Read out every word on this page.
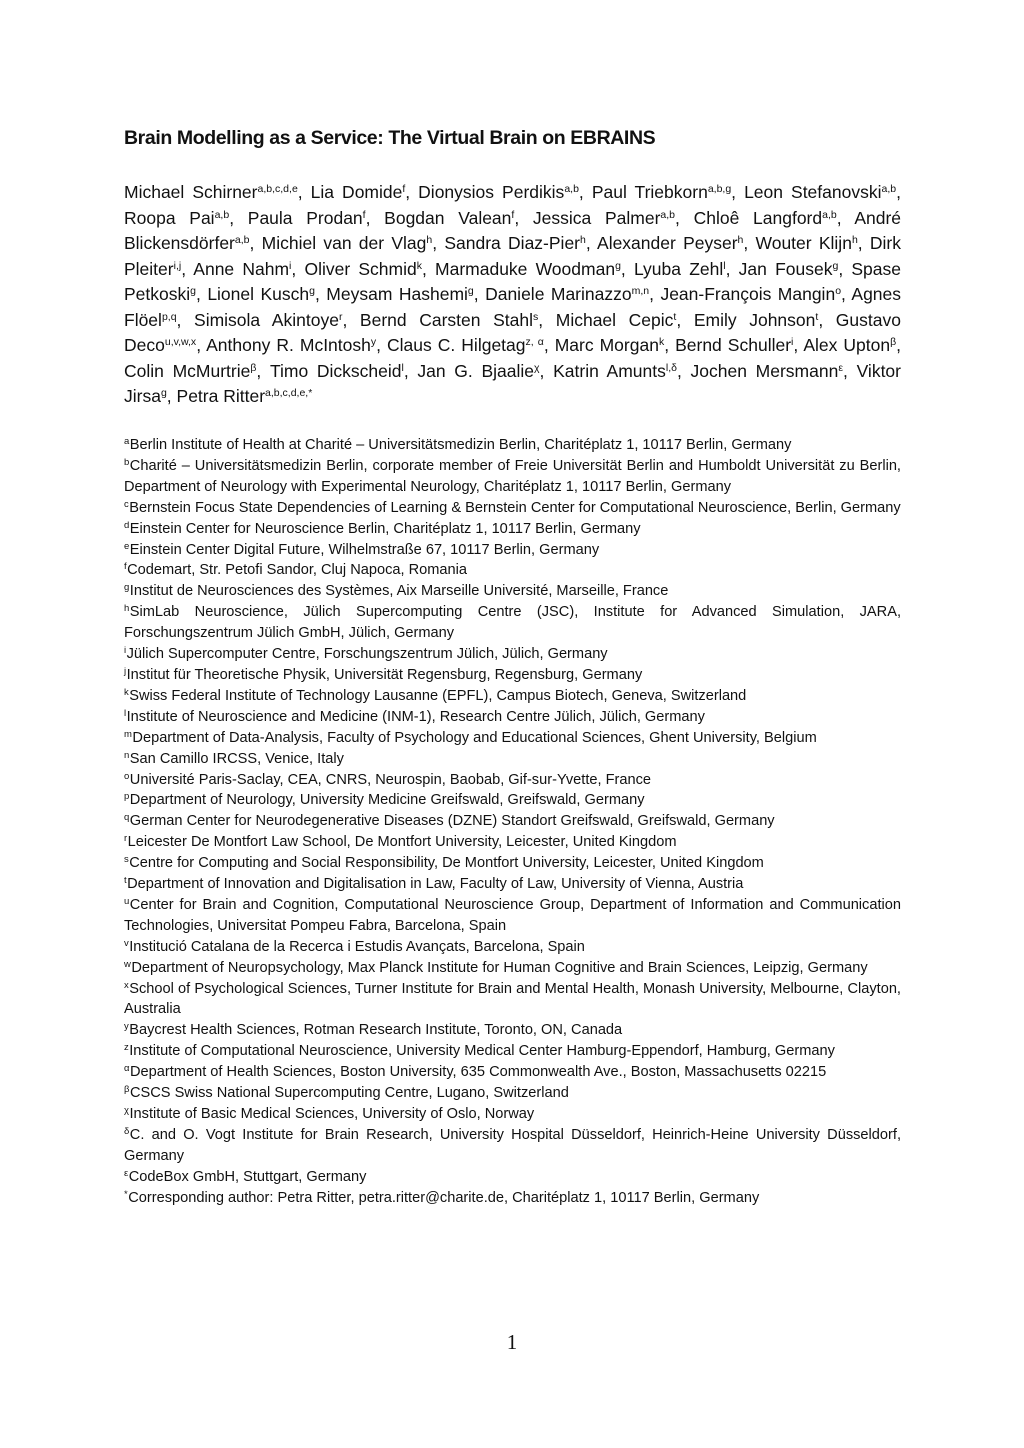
Brain Modelling as a Service: The Virtual Brain on EBRAINS

Michael Schirner$^{a,b,c,d,e}$, Lia Domide$^f$, Dionysios Perdikis$^{a,b}$, Paul Triebkorn$^{a,b,g}$, Leon Stefanovski$^{a,b}$, Roopa Pai$^{a,b}$, Paula Prodan$^f$, Bogdan Valean$^f$, Jessica Palmer$^{a,b}$, Chloê Langford$^{a,b}$, André Blickensdörfer$^{a,b}$, Michiel van der Vlag$^h$, Sandra Diaz-Pier$^h$, Alexander Peyser$^h$, Wouter Klijn$^h$, Dirk Pleiter$^{i,j}$, Anne Nahm$^i$, Oliver Schmid$^k$, Marmaduke Woodman$^g$, Lyuba Zehl$^l$, Jan Fousek$^g$, Spase Petkoski$^g$, Lionel Kusch$^g$, Meysam Hashemi$^g$, Daniele Marinazzo$^{m,n}$, Jean-François Mangin$^o$, Agnes Flöel$^{p,q}$, Simisola Akintoye$^r$, Bernd Carsten Stahl$^s$, Michael Cepic$^t$, Emily Johnson$^t$, Gustavo Deco$^{u,v,w,x}$, Anthony R. McIntosh$^y$, Claus C. Hilgetag$^{z, \alpha}$, Marc Morgan$^k$, Bernd Schuller$^i$, Alex Upton$^\beta$, Colin McMurtrie$^\beta$, Timo Dickscheid$^l$, Jan G. Bjaalie$^\chi$, Katrin Amunts$^{l,\delta}$, Jochen Mersmann$^\varepsilon$, Viktor Jirsa$^g$, Petra Ritter$^{a,b,c,d,e,*}$

$^a$Berlin Institute of Health at Charité – Universitätsmedizin Berlin, Charitéplatz 1, 10117 Berlin, Germany

$^b$Charité – Universitätsmedizin Berlin, corporate member of Freie Universität Berlin and Humboldt Universität zu Berlin, Department of Neurology with Experimental Neurology, Charitéplatz 1, 10117 Berlin, Germany

$^c$Bernstein Focus State Dependencies of Learning & Bernstein Center for Computational Neuroscience, Berlin, Germany

$^d$Einstein Center for Neuroscience Berlin, Charitéplatz 1, 10117 Berlin, Germany

$^e$Einstein Center Digital Future, Wilhelmstraße 67, 10117 Berlin, Germany

$^f$Codemart, Str. Petofi Sandor, Cluj Napoca, Romania

$^g$Institut de Neurosciences des Systèmes, Aix Marseille Université, Marseille, France

$^h$SimLab Neuroscience, Jülich Supercomputing Centre (JSC), Institute for Advanced Simulation, JARA, Forschungszentrum Jülich GmbH, Jülich, Germany

$^i$Jülich Supercomputer Centre, Forschungszentrum Jülich, Jülich, Germany

$^j$Institut für Theoretische Physik, Universität Regensburg, Regensburg, Germany

$^k$Swiss Federal Institute of Technology Lausanne (EPFL), Campus Biotech, Geneva, Switzerland

$^l$Institute of Neuroscience and Medicine (INM-1), Research Centre Jülich, Jülich, Germany

$^m$Department of Data-Analysis, Faculty of Psychology and Educational Sciences, Ghent University, Belgium

$^n$San Camillo IRCSS, Venice, Italy

$^o$Université Paris-Saclay, CEA, CNRS, Neurospin, Baobab, Gif-sur-Yvette, France

$^p$Department of Neurology, University Medicine Greifswald, Greifswald, Germany

$^q$German Center for Neurodegenerative Diseases (DZNE) Standort Greifswald, Greifswald, Germany

$^r$Leicester De Montfort Law School, De Montfort University, Leicester, United Kingdom

$^s$Centre for Computing and Social Responsibility, De Montfort University, Leicester, United Kingdom

$^t$Department of Innovation and Digitalisation in Law, Faculty of Law, University of Vienna, Austria

$^u$Center for Brain and Cognition, Computational Neuroscience Group, Department of Information and Communication Technologies, Universitat Pompeu Fabra, Barcelona, Spain

$^v$Institució Catalana de la Recerca i Estudis Avançats, Barcelona, Spain

$^w$Department of Neuropsychology, Max Planck Institute for Human Cognitive and Brain Sciences, Leipzig, Germany

$^x$School of Psychological Sciences, Turner Institute for Brain and Mental Health, Monash University, Melbourne, Clayton, Australia

$^y$Baycrest Health Sciences, Rotman Research Institute, Toronto, ON, Canada

$^z$Institute of Computational Neuroscience, University Medical Center Hamburg-Eppendorf, Hamburg, Germany

$^\alpha$Department of Health Sciences, Boston University, 635 Commonwealth Ave., Boston, Massachusetts 02215

$^\beta$CSCS Swiss National Supercomputing Centre, Lugano, Switzerland

$^\chi$Institute of Basic Medical Sciences, University of Oslo, Norway

$^\delta$C. and O. Vogt Institute for Brain Research, University Hospital Düsseldorf, Heinrich-Heine University Düsseldorf, Germany

$^\varepsilon$CodeBox GmbH, Stuttgart, Germany

*Corresponding author: Petra Ritter, petra.ritter@charite.de, Charitéplatz 1, 10117 Berlin, Germany

1
